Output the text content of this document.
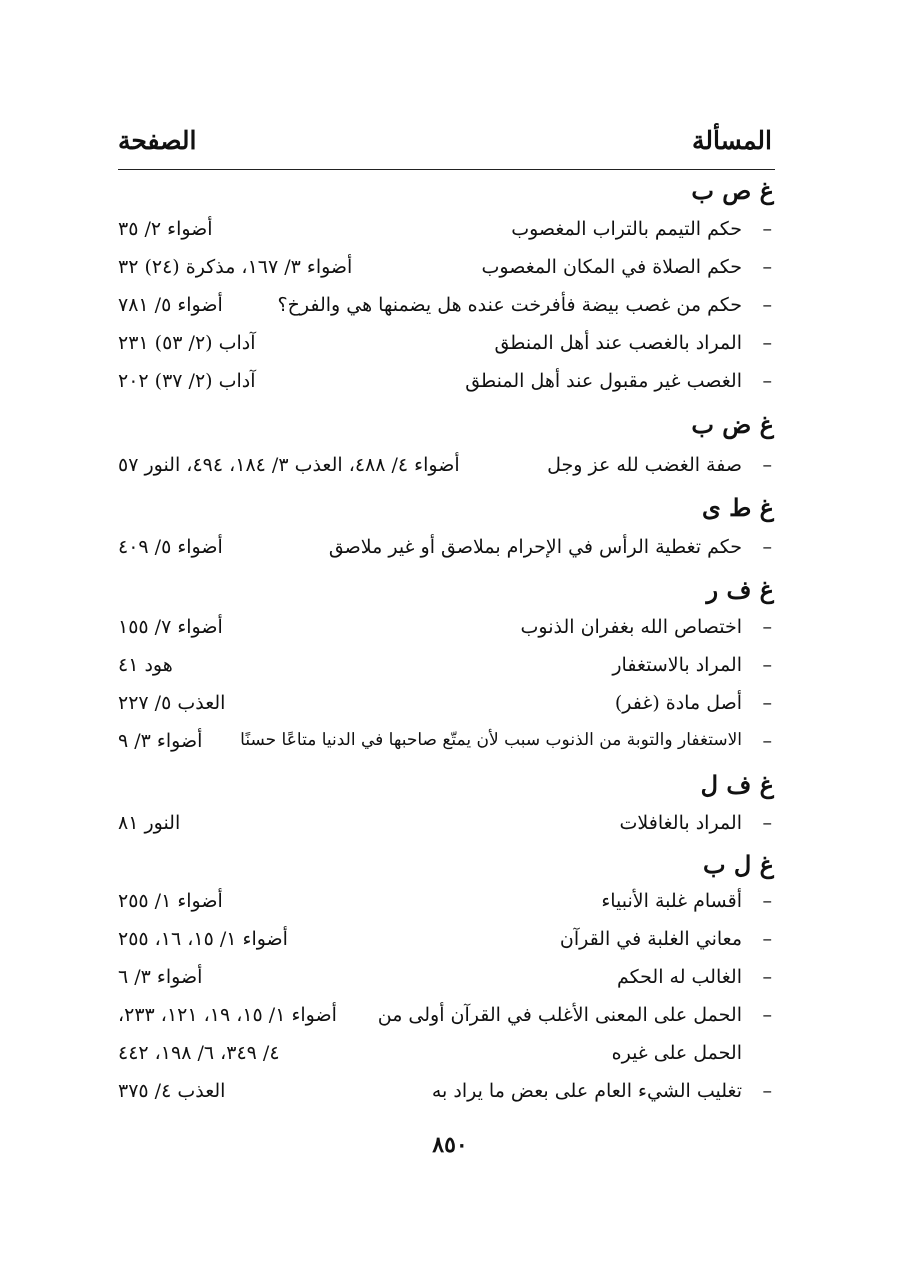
المسألة
الصفحة
غ ص ب
–
حكم التيمم بالتراب المغصوب
أضواء ٢/ ٣٥
–
حكم الصلاة في المكان المغصوب
أضواء ٣/ ١٦٧، مذكرة (٢٤) ٣٢
–
حكم من غصب بيضة فأفرخت عنده هل يضمنها هي والفرخ؟
أضواء ٥/ ٧٨١
–
المراد بالغصب عند أهل المنطق
آداب (٢/ ٥٣) ٢٣١
–
الغصب غير مقبول عند أهل المنطق
آداب (٢/ ٣٧) ٢٠٢
غ ض ب
–
صفة الغضب لله عز وجل
أضواء ٤/ ٤٨٨، العذب ٣/ ١٨٤، ٤٩٤، النور ٥٧
غ ط ى
–
حكم تغطية الرأس في الإحرام بملاصق أو غير ملاصق
أضواء ٥/ ٤٠٩
غ ف ر
–
اختصاص الله بغفران الذنوب
أضواء ٧/ ١٥٥
–
المراد بالاستغفار
هود ٤١
–
أصل مادة (غفر)
العذب ٥/ ٢٢٧
–
الاستغفار والتوبة من الذنوب سبب لأن يمتّع صاحبها في الدنيا متاعًا حسنًا
أضواء ٣/ ٩
غ ف ل
–
المراد بالغافلات
النور ٨١
غ ل ب
–
أقسام غلبة الأنبياء
أضواء ١/ ٢٥٥
–
معاني الغلبة في القرآن
أضواء ١/ ١٥، ١٦، ٢٥٥
–
الغالب له الحكم
أضواء ٣/ ٦
–
الحمل على المعنى الأغلب في القرآن أولى من
أضواء ١/ ١٥، ١٩، ١٢١، ٢٣٣،
الحمل على غيره
٤/ ٣٤٩، ٦/ ١٩٨، ٤٤٢
–
تغليب الشيء العام على بعض ما يراد به
العذب ٤/ ٣٧٥
٨٥٠
